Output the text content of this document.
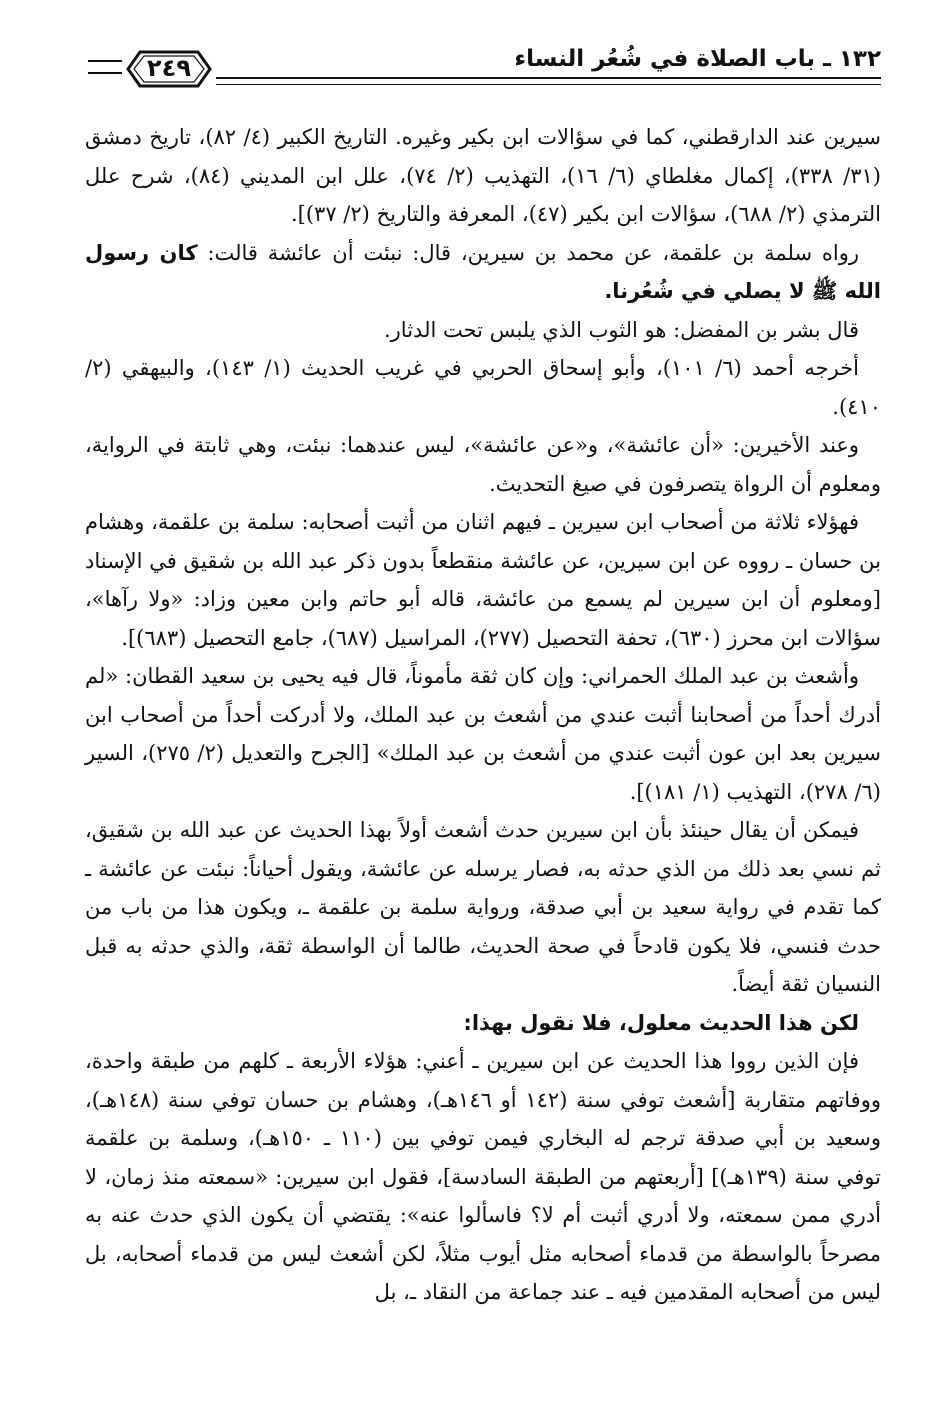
١٣٢ ـ باب الصلاة في شُعُر النساء
٢٤٩

سيرين عند الدارقطني، كما في سؤالات ابن بكير وغيره. التاريخ الكبير (٤/ ٨٢)، تاريخ دمشق (٣١/ ٣٣٨)، إكمال مغلطاي (٦/ ١٦)، التهذيب (٢/ ٧٤)، علل ابن المديني (٨٤)، شرح علل الترمذي (٢/ ٦٨٨)، سؤالات ابن بكير (٤٧)، المعرفة والتاريخ (٢/ ٣٧)].

رواه سلمة بن علقمة، عن محمد بن سيرين، قال: نبئت أن عائشة قالت: كان رسول الله ﷺ لا يصلي في شُعُرنا.

قال بشر بن المفضل: هو الثوب الذي يلبس تحت الدثار.

أخرجه أحمد (٦/ ١٠١)، وأبو إسحاق الحربي في غريب الحديث (١/ ١٤٣)، والبيهقي (٢/ ٤١٠).

وعند الأخيرين: «أن عائشة»، و«عن عائشة»، ليس عندهما: نبئت، وهي ثابتة في الرواية، ومعلوم أن الرواة يتصرفون في صيغ التحديث.

فهؤلاء ثلاثة من أصحاب ابن سيرين ـ فيهم اثنان من أثبت أصحابه: سلمة بن علقمة، وهشام بن حسان ـ رووه عن ابن سيرين، عن عائشة منقطعاً بدون ذكر عبد الله بن شقيق في الإسناد [ومعلوم أن ابن سيرين لم يسمع من عائشة، قاله أبو حاتم وابن معين وزاد: «ولا رآها»، سؤالات ابن محرز (٦٣٠)، تحفة التحصيل (٢٧٧)، المراسيل (٦٨٧)، جامع التحصيل (٦٨٣)].

وأشعث بن عبد الملك الحمراني: وإن كان ثقة مأموناً، قال فيه يحيى بن سعيد القطان: «لم أدرك أحداً من أصحابنا أثبت عندي من أشعث بن عبد الملك، ولا أدركت أحداً من أصحاب ابن سيرين بعد ابن عون أثبت عندي من أشعث بن عبد الملك» [الجرح والتعديل (٢/ ٢٧٥)، السير (٦/ ٢٧٨)، التهذيب (١/ ١٨١)].

فيمكن أن يقال حينئذ بأن ابن سيرين حدث أشعث أولاً بهذا الحديث عن عبد الله بن شقيق، ثم نسي بعد ذلك من الذي حدثه به، فصار يرسله عن عائشة، ويقول أحياناً: نبئت عن عائشة ـ كما تقدم في رواية سعيد بن أبي صدقة، ورواية سلمة بن علقمة ـ، ويكون هذا من باب من حدث فنسي، فلا يكون قادحاً في صحة الحديث، طالما أن الواسطة ثقة، والذي حدثه به قبل النسيان ثقة أيضاً.

لكن هذا الحديث معلول، فلا نقول بهذا:

فإن الذين رووا هذا الحديث عن ابن سيرين ـ أعني: هؤلاء الأربعة ـ كلهم من طبقة واحدة، ووفاتهم متقاربة [أشعث توفي سنة (١٤٢ أو ١٤٦هـ)، وهشام بن حسان توفي سنة (١٤٨هـ)، وسعيد بن أبي صدقة ترجم له البخاري فيمن توفي بين (١١٠ ـ ١٥٠هـ)، وسلمة بن علقمة توفي سنة (١٣٩هـ)] [أربعتهم من الطبقة السادسة]، فقول ابن سيرين: «سمعته منذ زمان، لا أدري ممن سمعته، ولا أدري أثبت أم لا؟ فاسألوا عنه»: يقتضي أن يكون الذي حدث عنه به مصرحاً بالواسطة من قدماء أصحابه مثل أيوب مثلاً، لكن أشعث ليس من قدماء أصحابه، بل ليس من أصحابه المقدمين فيه ـ عند جماعة من النقاد ـ، بل
